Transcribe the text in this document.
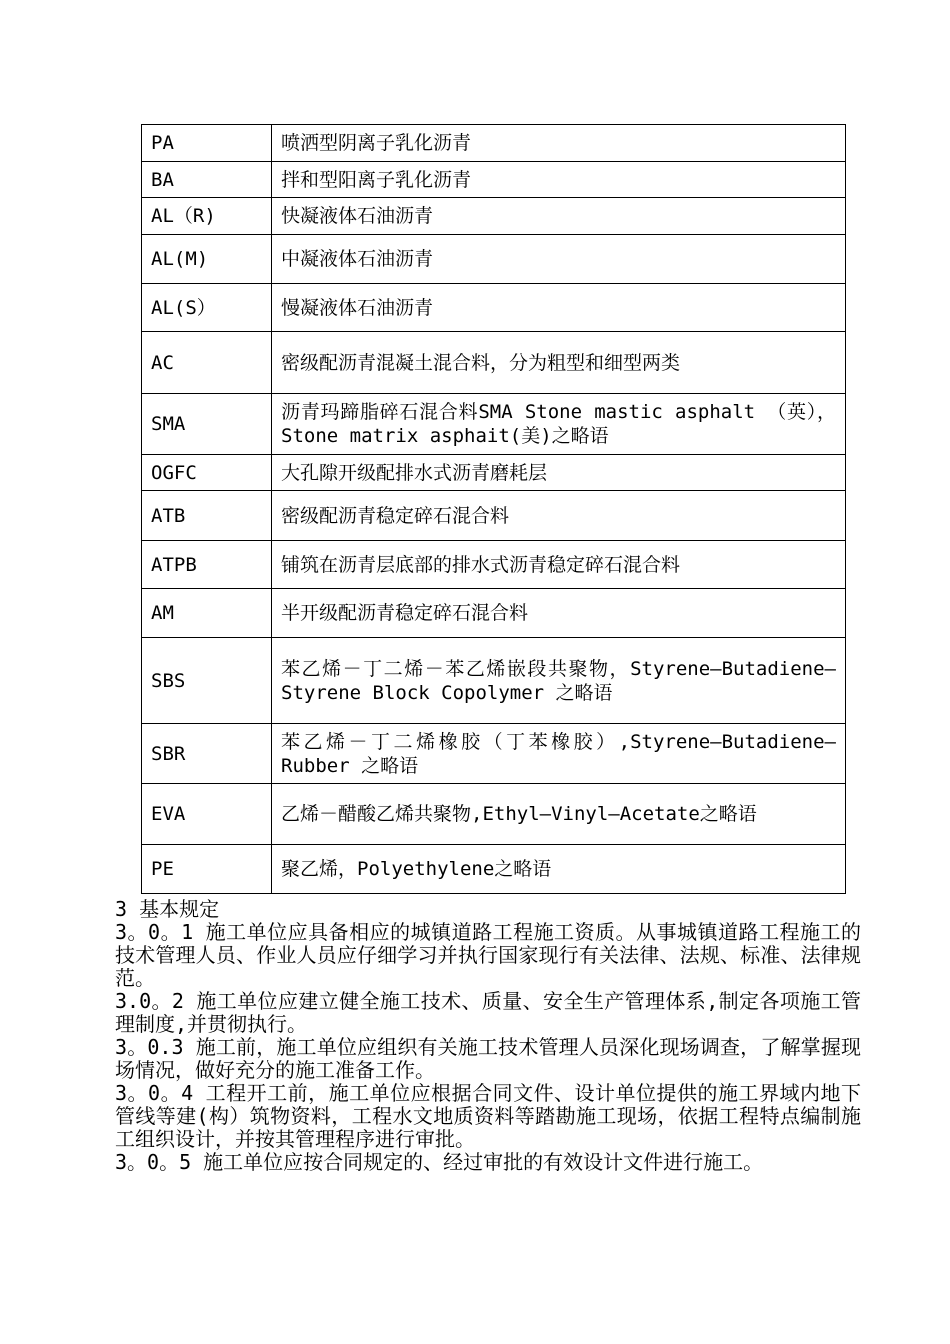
PA	喷洒型阴离子乳化沥青
BA	拌和型阳离子乳化沥青
AL（R)	快凝液体石油沥青
AL(M)	中凝液体石油沥青
AL(S）	慢凝液体石油沥青
AC	密级配沥青混凝土混合料，分为粗型和细型两类
SMA	沥青玛蹄脂碎石混合料SMA Stone mastic asphalt （英），Stone matrix asphait(美)之略语
OGFC	大孔隙开级配排水式沥青磨耗层
ATB	密级配沥青稳定碎石混合料
ATPB	铺筑在沥青层底部的排水式沥青稳定碎石混合料
AM	半开级配沥青稳定碎石混合料
SBS	苯乙烯－丁二烯－苯乙烯嵌段共聚物，Styrene—Butadiene—Styrene Block Copolymer 之略语
SBR	苯乙烯－丁二烯橡胶（丁苯橡胶）,Styrene—Butadiene—Rubber 之略语
EVA	乙烯－醋酸乙烯共聚物,Ethyl—Vinyl—Acetate之略语
PE	聚乙烯，Polyethylene之略语

3 基本规定

3。0。1 施工单位应具备相应的城镇道路工程施工资质。从事城镇道路工程施工的技术管理人员、作业人员应仔细学习并执行国家现行有关法律、法规、标准、法律规范。

3.0。2 施工单位应建立健全施工技术、质量、安全生产管理体系,制定各项施工管理制度,并贯彻执行。

3。0.3 施工前，施工单位应组织有关施工技术管理人员深化现场调查，了解掌握现场情况，做好充分的施工准备工作。

3。0。4 工程开工前，施工单位应根据合同文件、设计单位提供的施工界域内地下管线等建(构）筑物资料，工程水文地质资料等踏勘施工现场，依据工程特点编制施工组织设计，并按其管理程序进行审批。

3。0。5 施工单位应按合同规定的、经过审批的有效设计文件进行施工。
